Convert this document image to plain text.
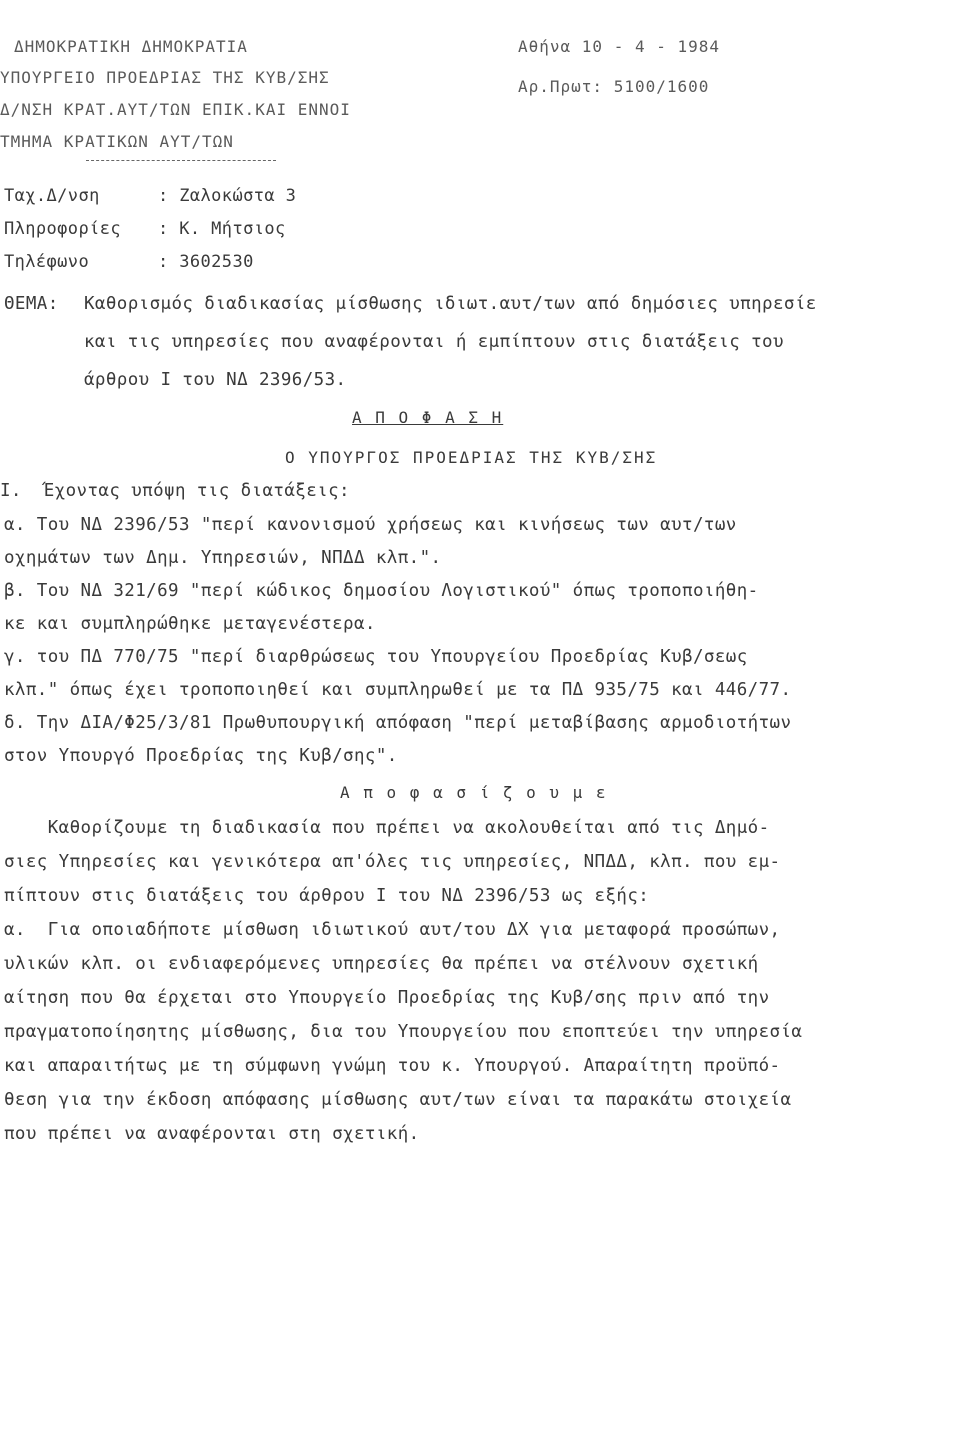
ΔΗΜΟΚΡΑΤΙΚΗ ΔΗΜΟΚΡΑΤΙΑ
ΥΠΟΥΡΓΕΙΟ ΠΡΟΕΔΡΙΑΣ ΤΗΣ ΚΥΒ/ΣΗΣ
Δ/ΝΣΗ ΚΡΑΤ.ΑΥΤ/ΤΩΝ ΕΠΙΚ.ΚΑΙ ΕΝΝΟΙ
ΤΜΗΜΑ ΚΡΑΤΙΚΩΝ ΑΥΤ/ΤΩΝ
Αθήνα 10 - 4 - 1984
Αρ.Πρωτ: 5100/1600
Ταχ.Δ/νση	: Ζαλοκώστα 3
Πληροφορίες : Κ. Μήτσιος
Τηλέφωνο	: 3602530
ΘΕΜΑ: Καθορισμός διαδικασίας μίσθωσης ιδιωτ.αυτ/των από δημόσιες υπηρεσίε
και τις υπηρεσίες που αναφέρονται ή εμπίπτουν στις διατάξεις του
άρθρου Ι του ΝΔ 2396/53.
Α Π Ο Φ Α Σ Η
Ο ΥΠΟΥΡΓΟΣ ΠΡΟΕΔΡΙΑΣ ΤΗΣ ΚΥΒ/ΣΗΣ
I.  Έχοντας υπόψη τις διατάξεις:
α. Του ΝΔ 2396/53 "περί κανονισμού χρήσεως και κινήσεως των αυτ/των
οχημάτων των Δημ. Υπηρεσιών, ΝΠΔΔ κλπ.".
β. Του ΝΔ 321/69 "περί κώδικος δημοσίου Λογιστικού" όπως τροποποιήθη-
κε και συμπληρώθηκε μεταγενέστερα.
γ. του ΠΔ 770/75 "περί διαρθρώσεως του Υπουργείου Προεδρίας Κυβ/σεως
κλπ." όπως έχει τροποποιηθεί και συμπληρωθεί με τα ΠΔ 935/75 και 446/77.
δ. Την ΔΙΑ/Φ25/3/81 Πρωθυπουργική απόφαση "περί μεταβίβασης αρμοδιοτήτων
στον Υπουργό Προεδρίας της Κυβ/σης".
Α π ο φ α σ ί ζ ο υ μ ε
Καθορίζουμε τη διαδικασία που πρέπει να ακολουθείται από τις Δημό-
σιες Υπηρεσίες και γενικότερα απ'όλες τις υπηρεσίες, ΝΠΔΔ, κλπ. που εμ-
πίπτουν στις διατάξεις του άρθρου Ι του ΝΔ 2396/53 ως εξής:
α.  Για οποιαδήποτε μίσθωση ιδιωτικού αυτ/του ΔΧ για μεταφορά προσώπων,
υλικών κλπ. οι ενδιαφερόμενες υπηρεσίες θα πρέπει να στέλνουν σχετική
αίτηση που θα έρχεται στο Υπουργείο Προεδρίας της Κυβ/σης πριν από την
πραγματοποίησητης μίσθωσης, δια του Υπουργείου που εποπτεύει την υπηρεσία
και απαραιτήτως με τη σύμφωνη γνώμη του κ. Υπουργού. Απαραίτητη προϋπό-
θεση για την έκδοση απόφασης μίσθωσης αυτ/των είναι τα παρακάτω στοιχεία
που πρέπει να αναφέρονται στη σχετική.
